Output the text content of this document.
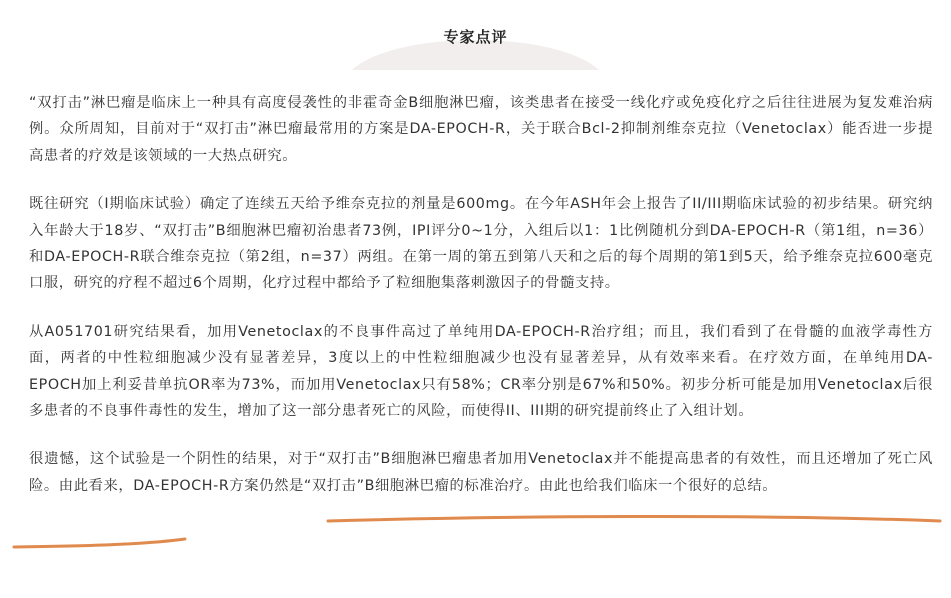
专家点评

“双打击”淋巴瘤是临床上一种具有高度侵袭性的非霍奇金B细胞淋巴瘤，该类患者在接受一线化疗或免疫化疗之后往往进展为复发难治病例。众所周知，目前对于“双打击”淋巴瘤最常用的方案是DA-EPOCH-R，关于联合Bcl-2抑制剂维奈克拉（Venetoclax）能否进一步提高患者的疗效是该领域的一大热点研究。

既往研究（I期临床试验）确定了连续五天给予维奈克拉的剂量是600mg。在今年ASH年会上报告了II/III期临床试验的初步结果。研究纳入年龄大于18岁、“双打击”B细胞淋巴瘤初治患者73例，IPI评分0~1分，入组后以1：1比例随机分到DA-EPOCH-R（第1组，n=36）和DA-EPOCH-R联合维奈克拉（第2组，n=37）两组。在第一周的第五到第八天和之后的每个周期的第1到5天，给予维奈克拉600毫克口服，研究的疗程不超过6个周期，化疗过程中都给予了粒细胞集落刺激因子的骨髓支持。

从A051701研究结果看，加用Venetoclax的不良事件高过了单纯用DA-EPOCH-R治疗组；而且，我们看到了在骨髓的血液学毒性方面，两者的中性粒细胞减少没有显著差异，3度以上的中性粒细胞减少也没有显著差异，从有效率来看。在疗效方面，在单纯用DA-EPOCH加上利妥昔单抗OR率为73%，而加用Venetoclax只有58%；CR率分别是67%和50%。初步分析可能是加用Venetoclax后很多患者的不良事件毒性的发生，增加了这一部分患者死亡的风险，而使得II、III期的研究提前终止了入组计划。

很遗憾，这个试验是一个阴性的结果，对于“双打击”B细胞淋巴瘤患者加用Venetoclax并不能提高患者的有效性，而且还增加了死亡风险。由此看来，DA-EPOCH-R方案仍然是“双打击”B细胞淋巴瘤的标准治疗。由此也给我们临床一个很好的总结。
